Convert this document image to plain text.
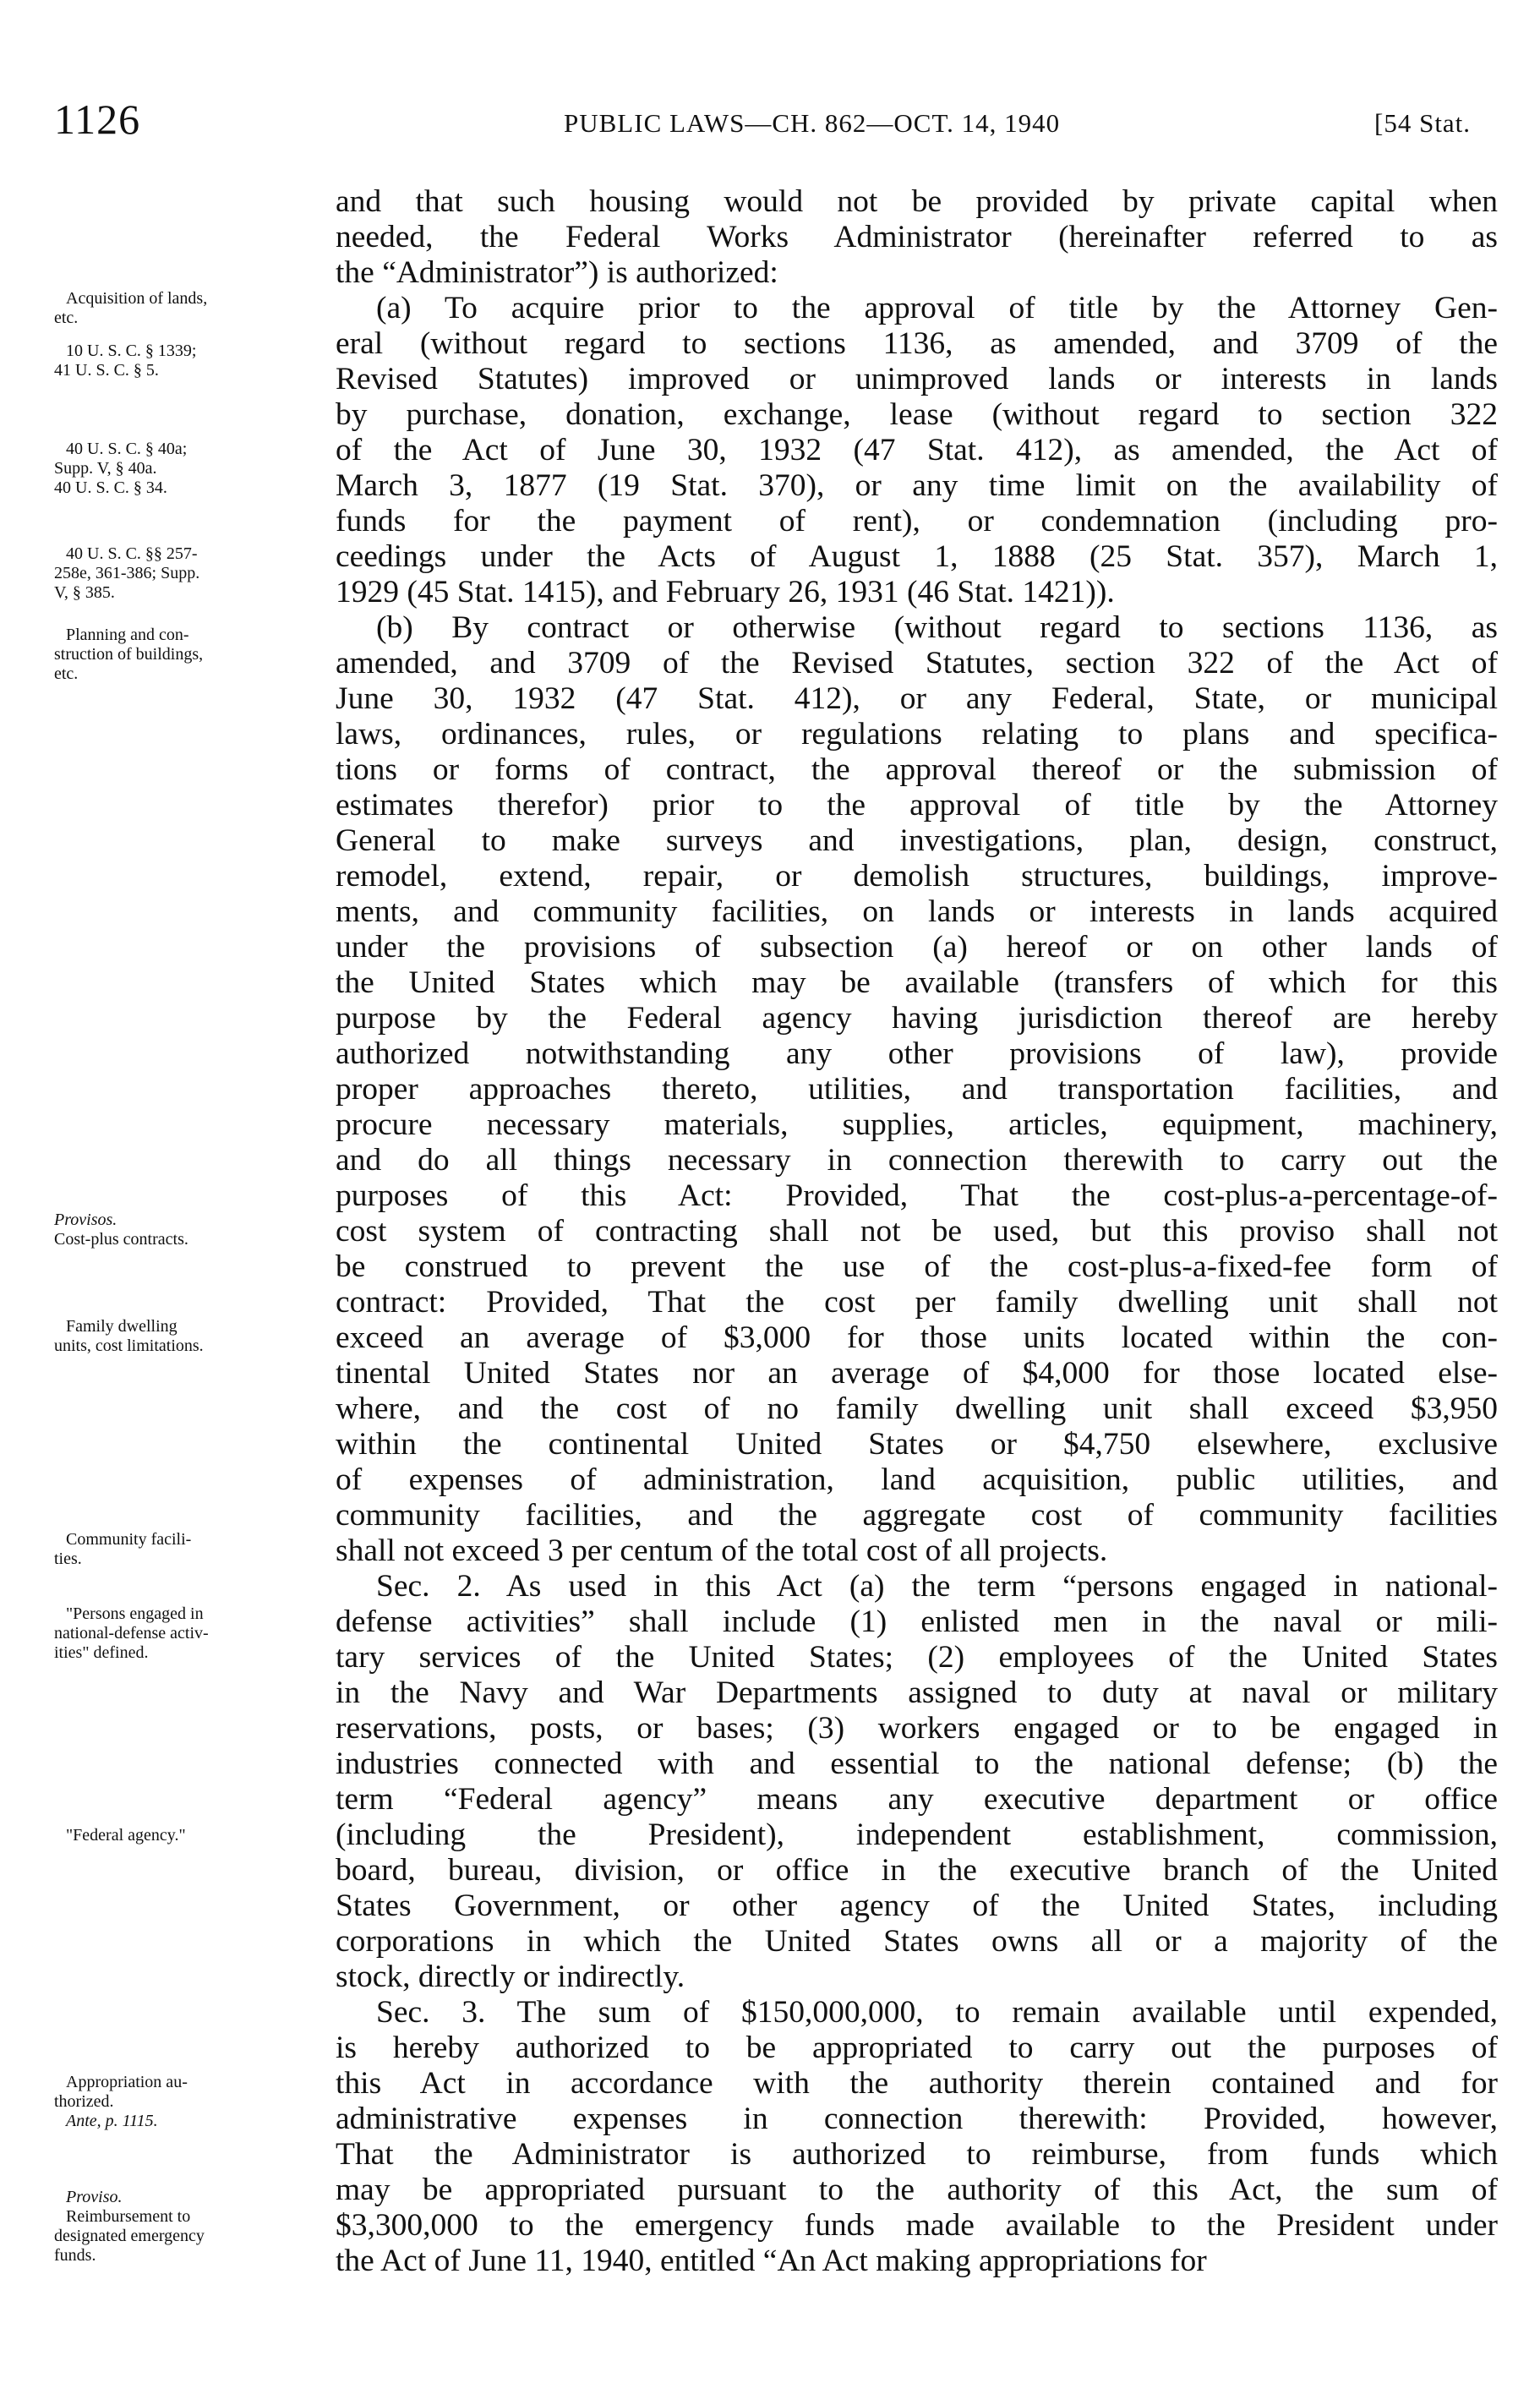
1126	PUBLIC LAWS—CH. 862—OCT. 14, 1940	[54 Stat.
Acquisition of lands,
etc.
10 U. S. C. § 1339;
41 U. S. C. § 5.
40 U. S. C. § 40a;
Supp. V, § 40a.
40 U. S. C. § 34.
40 U. S. C. §§ 257-
258e, 361-386; Supp.
V, § 385.
Planning and con-
struction of buildings,
etc.
Provisos.
Cost-plus contracts.
Family dwelling
units, cost limitations.
Community facili-
ties.
"Persons engaged in
national-defense activ-
ities" defined.
"Federal agency."
Appropriation au-
thorized.
Ante, p. 1115.
Proviso.
Reimbursement to
designated emergency
funds.
and that such housing would not be provided by private capital when
needed, the Federal Works Administrator (hereinafter referred to as
the “Administrator”) is authorized:
(a) To acquire prior to the approval of title by the Attorney Gen-
eral (without regard to sections 1136, as amended, and 3709 of the
Revised Statutes) improved or unimproved lands or interests in lands
by purchase, donation, exchange, lease (without regard to section 322
of the Act of June 30, 1932 (47 Stat. 412), as amended, the Act of
March 3, 1877 (19 Stat. 370), or any time limit on the availability of
funds for the payment of rent), or condemnation (including pro-
ceedings under the Acts of August 1, 1888 (25 Stat. 357), March 1,
1929 (45 Stat. 1415), and February 26, 1931 (46 Stat. 1421)).
(b) By contract or otherwise (without regard to sections 1136, as
amended, and 3709 of the Revised Statutes, section 322 of the Act of
June 30, 1932 (47 Stat. 412), or any Federal, State, or municipal
laws, ordinances, rules, or regulations relating to plans and specifica-
tions or forms of contract, the approval thereof or the submission of
estimates therefor) prior to the approval of title by the Attorney
General to make surveys and investigations, plan, design, construct,
remodel, extend, repair, or demolish structures, buildings, improve-
ments, and community facilities, on lands or interests in lands acquired
under the provisions of subsection (a) hereof or on other lands of
the United States which may be available (transfers of which for this
purpose by the Federal agency having jurisdiction thereof are hereby
authorized notwithstanding any other provisions of law), provide
proper approaches thereto, utilities, and transportation facilities, and
procure necessary materials, supplies, articles, equipment, machinery,
and do all things necessary in connection therewith to carry out the
purposes of this Act: Provided, That the cost-plus-a-percentage-of-
cost system of contracting shall not be used, but this proviso shall not
be construed to prevent the use of the cost-plus-a-fixed-fee form of
contract: Provided, That the cost per family dwelling unit shall not
exceed an average of $3,000 for those units located within the con-
tinental United States nor an average of $4,000 for those located else-
where, and the cost of no family dwelling unit shall exceed $3,950
within the continental United States or $4,750 elsewhere, exclusive
of expenses of administration, land acquisition, public utilities, and
community facilities, and the aggregate cost of community facilities
shall not exceed 3 per centum of the total cost of all projects.
Sec. 2. As used in this Act (a) the term “persons engaged in national-
defense activities” shall include (1) enlisted men in the naval or mili-
tary services of the United States; (2) employees of the United States
in the Navy and War Departments assigned to duty at naval or military
reservations, posts, or bases; (3) workers engaged or to be engaged in
industries connected with and essential to the national defense; (b) the
term “Federal agency” means any executive department or office
(including the President), independent establishment, commission,
board, bureau, division, or office in the executive branch of the United
States Government, or other agency of the United States, including
corporations in which the United States owns all or a majority of the
stock, directly or indirectly.
Sec. 3. The sum of $150,000,000, to remain available until expended,
is hereby authorized to be appropriated to carry out the purposes of
this Act in accordance with the authority therein contained and for
administrative expenses in connection therewith: Provided, however,
That the Administrator is authorized to reimburse, from funds which
may be appropriated pursuant to the authority of this Act, the sum of
$3,300,000 to the emergency funds made available to the President under
the Act of June 11, 1940, entitled “An Act making appropriations for
